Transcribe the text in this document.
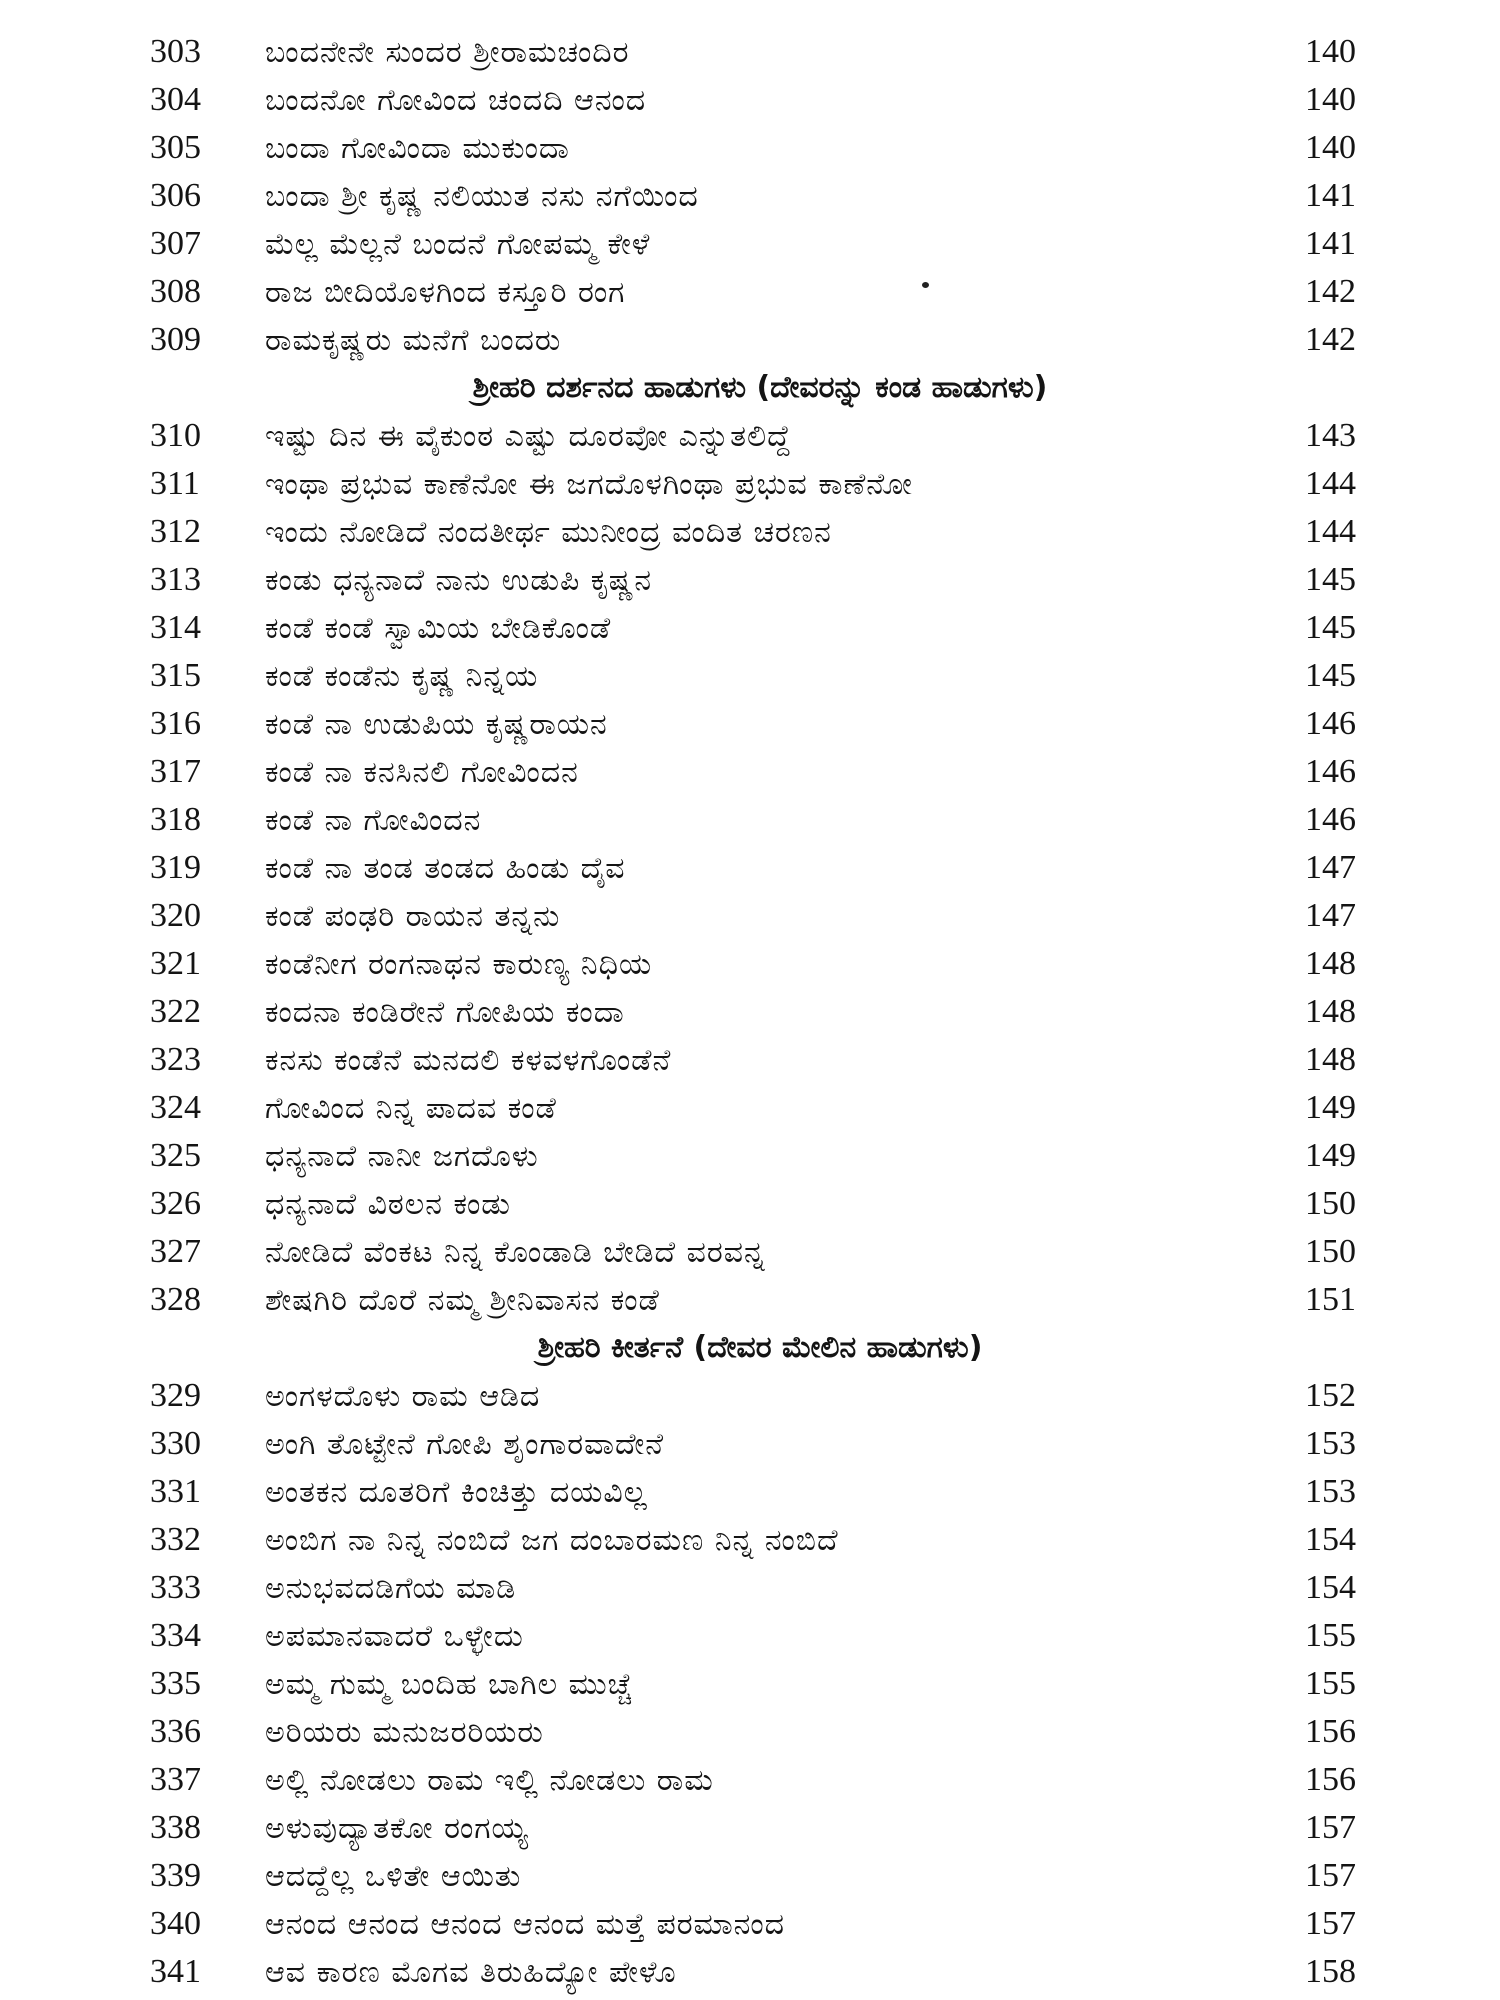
303 ಬಂದನೇನೇ ಸುಂದರ ಶ್ರೀರಾಮಚಂದಿರ	140
304 ಬಂದನೋ ಗೋವಿಂದ ಚಂದದಿ ಆನಂದ	140
305 ಬಂದಾ ಗೋವಿಂದಾ ಮುಕುಂದಾ	140
306 ಬಂದಾ ಶ್ರೀ ಕೃಷ್ಣ ನಲಿಯುತ ನಸು ನಗೆಯಿಂದ	141
307 ಮೆಲ್ಲ ಮೆಲ್ಲನೆ ಬಂದನೆ ಗೋಪಮ್ಮ ಕೇಳೆ	141
308 ರಾಜ ಬೀದಿಯೊಳಗಿಂದ ಕಸ್ತೂರಿ ರಂಗ	142
309 ರಾಮಕೃಷ್ಣರು ಮನೆಗೆ ಬಂದರು	142
ಶ್ರೀಹರಿ ದರ್ಶನದ ಹಾಡುಗಳು (ದೇವರನ್ನು ಕಂಡ ಹಾಡುಗಳು)
310 ಇಷ್ಟು ದಿನ ಈ ವೈಕುಂಠ ಎಷ್ಟು ದೂರವೋ ಎನ್ನುತಲಿದ್ದೆ	143
311 ಇಂಥಾ ಪ್ರಭುವ ಕಾಣೆನೋ ಈ ಜಗದೊಳಗಿಂಥಾ ಪ್ರಭುವ ಕಾಣೆನೋ	144
312 ಇಂದು ನೋಡಿದೆ ನಂದತೀರ್ಥ ಮುನೀಂದ್ರ ವಂದಿತ ಚರಣನ	144
313 ಕಂಡು ಧನ್ಯನಾದೆ ನಾನು ಉಡುಪಿ ಕೃಷ್ಣನ	145
314 ಕಂಡೆ ಕಂಡೆ ಸ್ವಾಮಿಯ ಬೇಡಿಕೊಂಡೆ	145
315 ಕಂಡೆ ಕಂಡೆನು ಕೃಷ್ಣ ನಿನ್ನಯ	145
316 ಕಂಡೆ ನಾ ಉಡುಪಿಯ ಕೃಷ್ಣರಾಯನ	146
317 ಕಂಡೆ ನಾ ಕನಸಿನಲಿ ಗೋವಿಂದನ	146
318 ಕಂಡೆ ನಾ ಗೋವಿಂದನ	146
319 ಕಂಡೆ ನಾ ತಂಡ ತಂಡದ ಹಿಂಡು ದೈವ	147
320 ಕಂಡೆ ಪಂಢರಿ ರಾಯನ ತನ್ನನು	147
321 ಕಂಡೆನೀಗ ರಂಗನಾಥನ ಕಾರುಣ್ಯ ನಿಧಿಯ	148
322 ಕಂದನಾ ಕಂಡಿರೇನೆ ಗೋಪಿಯ ಕಂದಾ	148
323 ಕನಸು ಕಂಡೆನೆ ಮನದಲಿ ಕಳವಳಗೊಂಡೆನೆ	148
324 ಗೋವಿಂದ ನಿನ್ನ ಪಾದವ ಕಂಡೆ	149
325 ಧನ್ಯನಾದೆ ನಾನೀ ಜಗದೊಳು	149
326 ಧನ್ಯನಾದೆ ವಿಠಲನ ಕಂಡು	150
327 ನೋಡಿದೆ ವೆಂಕಟ ನಿನ್ನ ಕೊಂಡಾಡಿ ಬೇಡಿದೆ ವರವನ್ನ	150
328 ಶೇಷಗಿರಿ ದೊರೆ ನಮ್ಮ ಶ್ರೀನಿವಾಸನ ಕಂಡೆ	151
ಶ್ರೀಹರಿ ಕೀರ್ತನೆ (ದೇವರ ಮೇಲಿನ ಹಾಡುಗಳು)
329 ಅಂಗಳದೊಳು ರಾಮ ಆಡಿದ	152
330 ಅಂಗಿ ತೊಟ್ಟೇನೆ ಗೋಪಿ ಶೃಂಗಾರವಾದೇನೆ	153
331 ಅಂತಕನ ದೂತರಿಗೆ ಕಿಂಚಿತ್ತು ದಯವಿಲ್ಲ	153
332 ಅಂಬಿಗ ನಾ ನಿನ್ನ ನಂಬಿದೆ ಜಗ ದಂಬಾರಮಣ ನಿನ್ನ ನಂಬಿದೆ	154
333 ಅನುಭವದಡಿಗೆಯ ಮಾಡಿ	154
334 ಅಪಮಾನವಾದರೆ ಒಳ್ಳೇದು	155
335 ಅಮ್ಮ ಗುಮ್ಮ ಬಂದಿಹ ಬಾಗಿಲ ಮುಚ್ಚೆ	155
336 ಅರಿಯರು ಮನುಜರರಿಯರು	156
337 ಅಲ್ಲಿ ನೋಡಲು ರಾಮ ಇಲ್ಲಿ ನೋಡಲು ರಾಮ	156
338 ಅಳುವುದ್ಯಾತಕೋ ರಂಗಯ್ಯ	157
339 ಆದದ್ದೆಲ್ಲ ಒಳಿತೇ ಆಯಿತು	157
340 ಆನಂದ ಆನಂದ ಆನಂದ ಆನಂದ ಮತ್ತೆ ಪರಮಾನಂದ	157
341 ಆವ ಕಾರಣ ಮೊಗವ ತಿರುಹಿದ್ಯೋ ಪೇಳೊ	158
